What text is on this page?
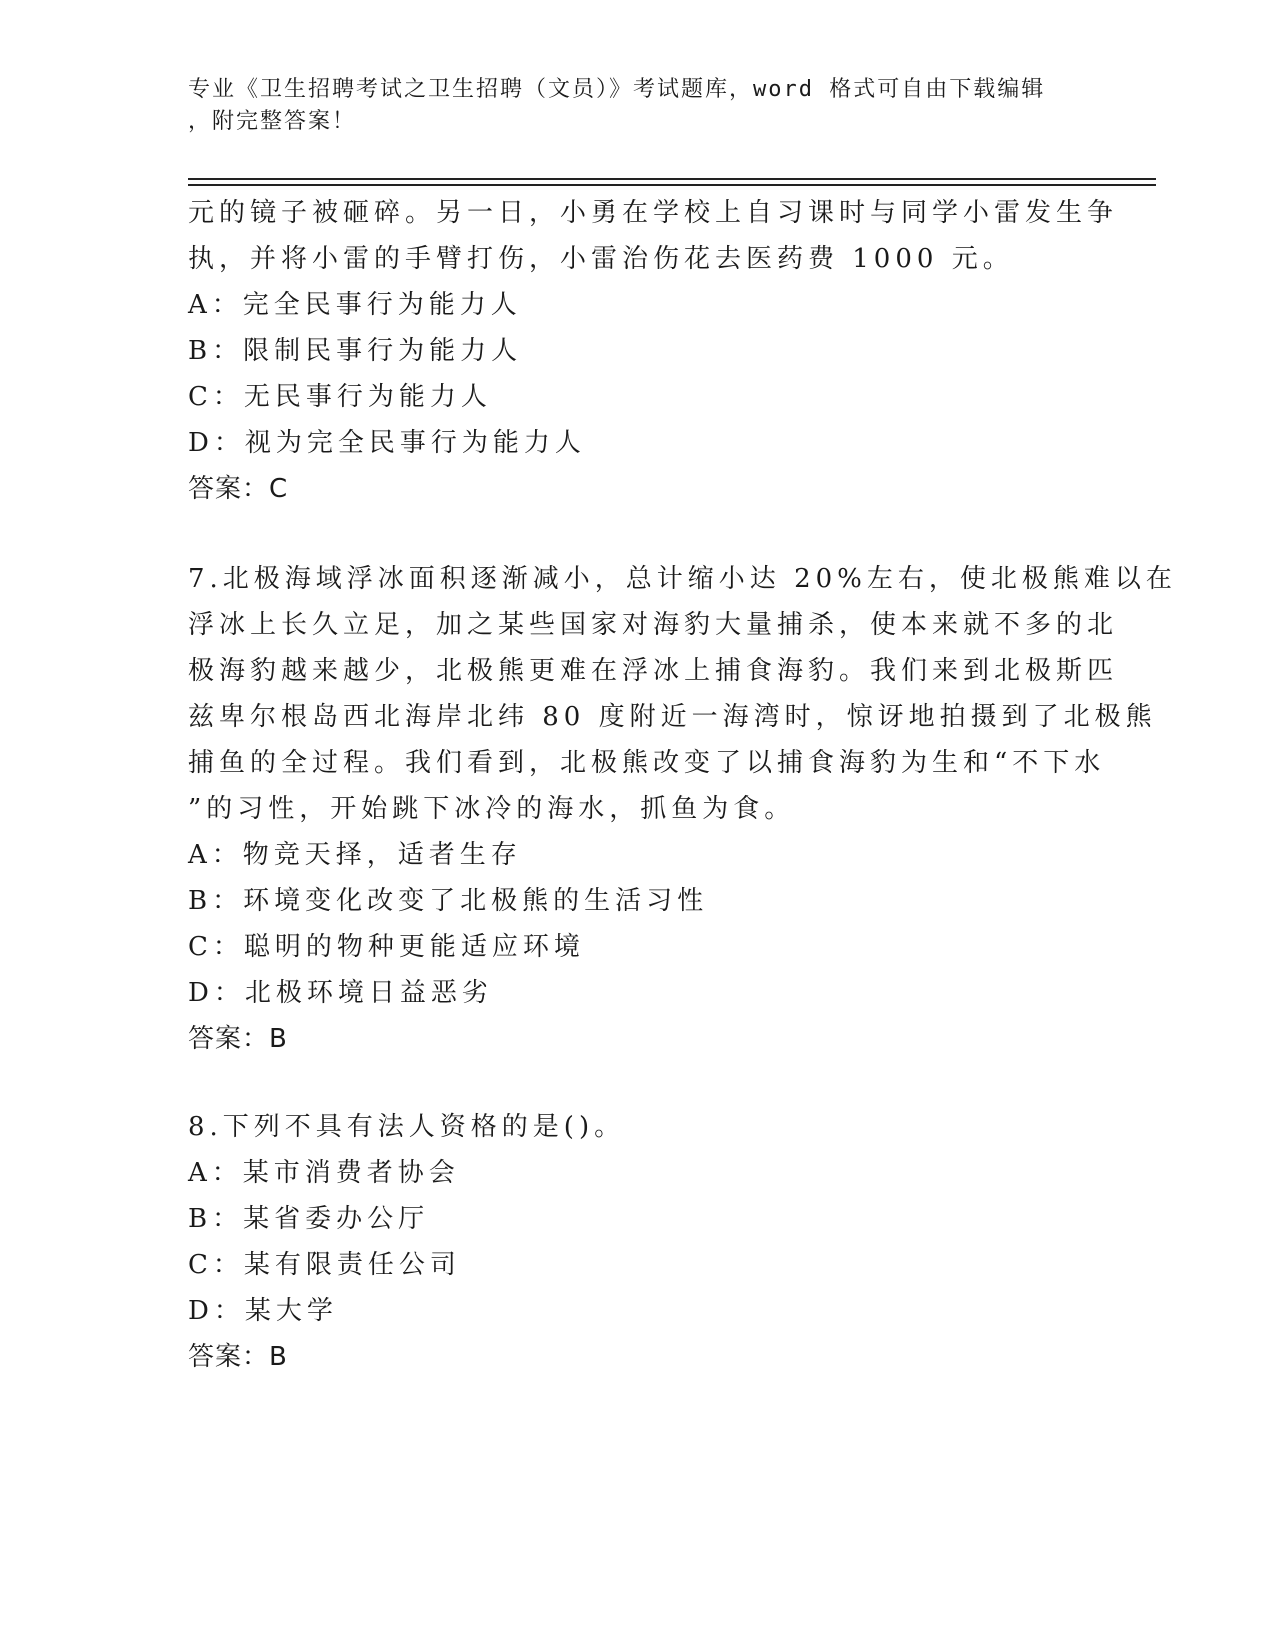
专业《卫生招聘考试之卫生招聘（文员）》考试题库，word 格式可自由下载编辑
，附完整答案！
元的镜子被砸碎。另一日，小勇在学校上自习课时与同学小雷发生争
执，并将小雷的手臂打伤，小雷治伤花去医药费 1000 元。
A：完全民事行为能力人
B：限制民事行为能力人
C：无民事行为能力人
D：视为完全民事行为能力人
答案：C
7.北极海域浮冰面积逐渐减小，总计缩小达 20%左右，使北极熊难以在
浮冰上长久立足，加之某些国家对海豹大量捕杀，使本来就不多的北
极海豹越来越少，北极熊更难在浮冰上捕食海豹。我们来到北极斯匹
兹卑尔根岛西北海岸北纬 80 度附近一海湾时，惊讶地拍摄到了北极熊
捕鱼的全过程。我们看到，北极熊改变了以捕食海豹为生和“不下水
”的习性，开始跳下冰冷的海水，抓鱼为食。
A：物竞天择，适者生存
B：环境变化改变了北极熊的生活习性
C：聪明的物种更能适应环境
D：北极环境日益恶劣
答案：B
8.下列不具有法人资格的是()。
A：某市消费者协会
B：某省委办公厅
C：某有限责任公司
D：某大学
答案：B
